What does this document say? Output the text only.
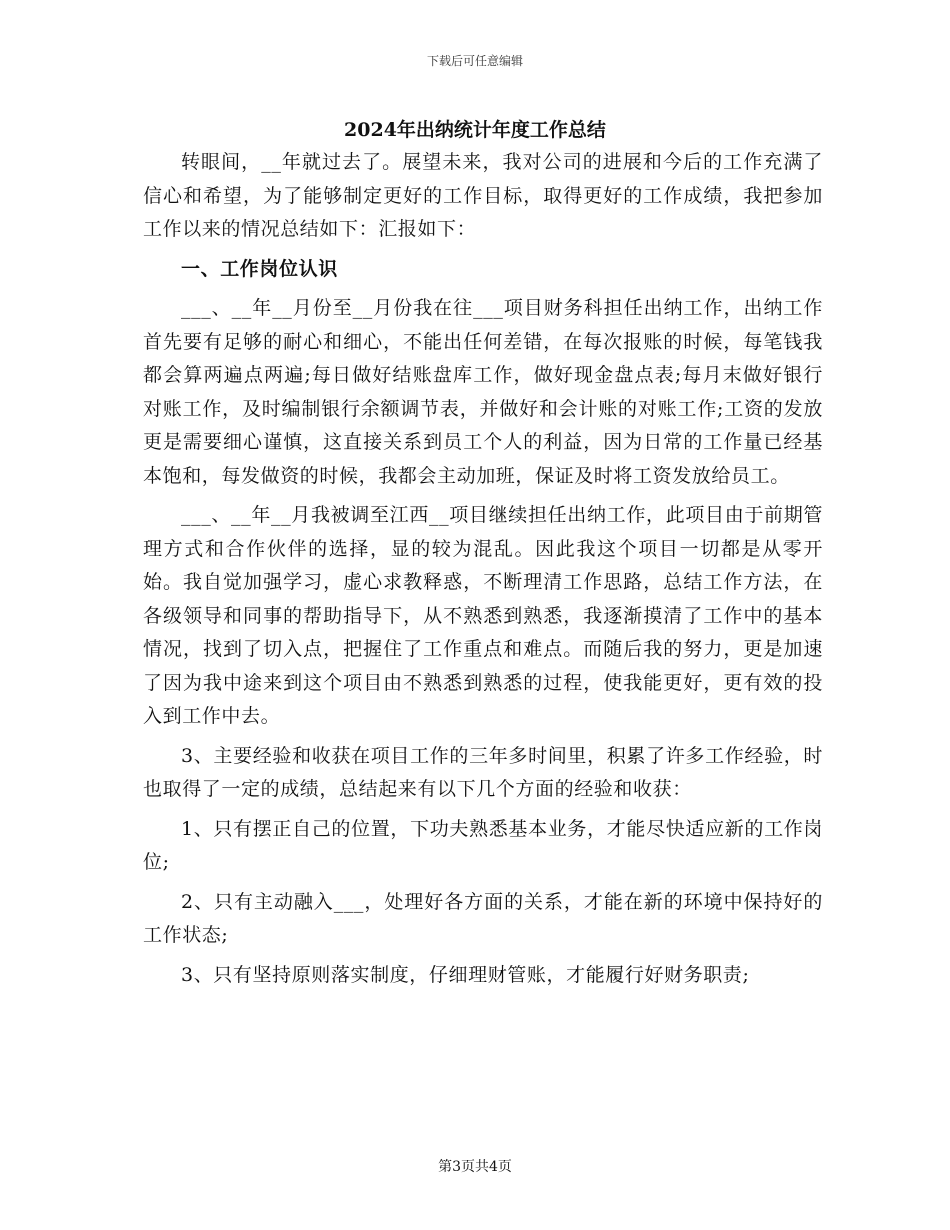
下载后可任意编辑
2024年出纳统计年度工作总结

转眼间，__年就过去了。展望未来，我对公司的进展和今后的工作充满了信心和希望，为了能够制定更好的工作目标，取得更好的工作成绩，我把参加工作以来的情况总结如下：汇报如下：

一、工作岗位认识

___、__年__月份至__月份我在往___项目财务科担任出纳工作，出纳工作首先要有足够的耐心和细心，不能出任何差错，在每次报账的时候，每笔钱我都会算两遍点两遍;每日做好结账盘库工作，做好现金盘点表;每月末做好银行对账工作，及时编制银行余额调节表，并做好和会计账的对账工作;工资的发放更是需要细心谨慎，这直接关系到员工个人的利益，因为日常的工作量已经基本饱和，每发做资的时候，我都会主动加班，保证及时将工资发放给员工。

___、__年__月我被调至江西__项目继续担任出纳工作，此项目由于前期管理方式和合作伙伴的选择，显的较为混乱。因此我这个项目一切都是从零开始。我自觉加强学习，虚心求教释惑，不断理清工作思路，总结工作方法，在各级领导和同事的帮助指导下，从不熟悉到熟悉，我逐渐摸清了工作中的基本情况，找到了切入点，把握住了工作重点和难点。而随后我的努力，更是加速了因为我中途来到这个项目由不熟悉到熟悉的过程，使我能更好，更有效的投入到工作中去。

3、主要经验和收获在项目工作的三年多时间里，积累了许多工作经验，时也取得了一定的成绩，总结起来有以下几个方面的经验和收获：

1、只有摆正自己的位置，下功夫熟悉基本业务，才能尽快适应新的工作岗位;

2、只有主动融入___，处理好各方面的关系，才能在新的环境中保持好的工作状态;

3、只有坚持原则落实制度，仔细理财管账，才能履行好财务职责;

第3页共4页
